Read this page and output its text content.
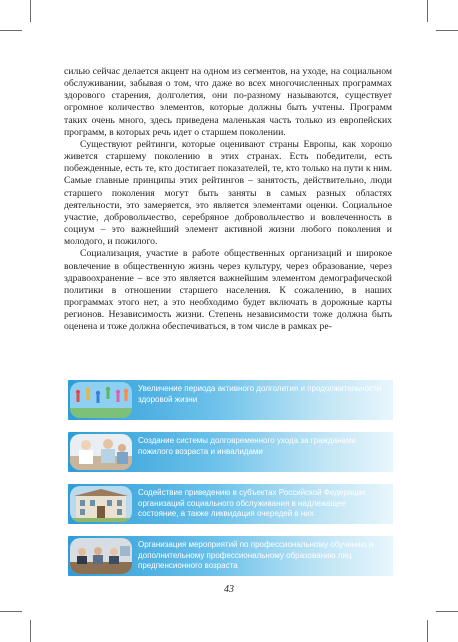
силью сейчас делается акцент на одном из сегментов, на уходе, на социальном обслуживании, забывая о том, что даже во всех многочисленных программах здорового старения, долголетия, они по-разному называются, существует огромное количество элементов, которые должны быть учтены. Программ таких очень много, здесь приведена маленькая часть только из европейских программ, в которых речь идет о старшем поколении.

Существуют рейтинги, которые оценивают страны Европы, как хорошо живется старшему поколению в этих странах. Есть победители, есть побежденные, есть те, кто достигает показателей, те, кто только на пути к ним. Самые главные принципы этих рейтингов – занятость, действительно, люди старшего поколения могут быть заняты в самых разных областях деятельности, это замеряется, это является элементами оценки. Социальное участие, добровольчество, серебряное добровольчество и вовлеченность в социум – это важнейший элемент активной жизни любого поколения и молодого, и пожилого.

Социализация, участие в работе общественных организаций и широкое вовлечение в общественную жизнь через культуру, через образование, через здравоохранение – все это является важнейшим элементом демографической политики в отношении старшего населения. К сожалению, в наших программах этого нет, а это необходимо будет включать в дорожные карты регионов. Независимость жизни. Степень независимости тоже должна быть оценена и тоже должна обеспечиваться, в том числе в рамках ре-

Увеличение периода активного долголетия и продолжительности здоровой жизни
Создание системы долговременного ухода за гражданами пожилого возраста и инвалидами
Содействие приведению в субъектах Российской Федерации организаций социального обслуживания в надлежащее состояние, а также ликвидация очередей в них
Организация мероприятий по профессиональному обучению и дополнительному профессиональному образованию лиц предпенсионного возраста
43
